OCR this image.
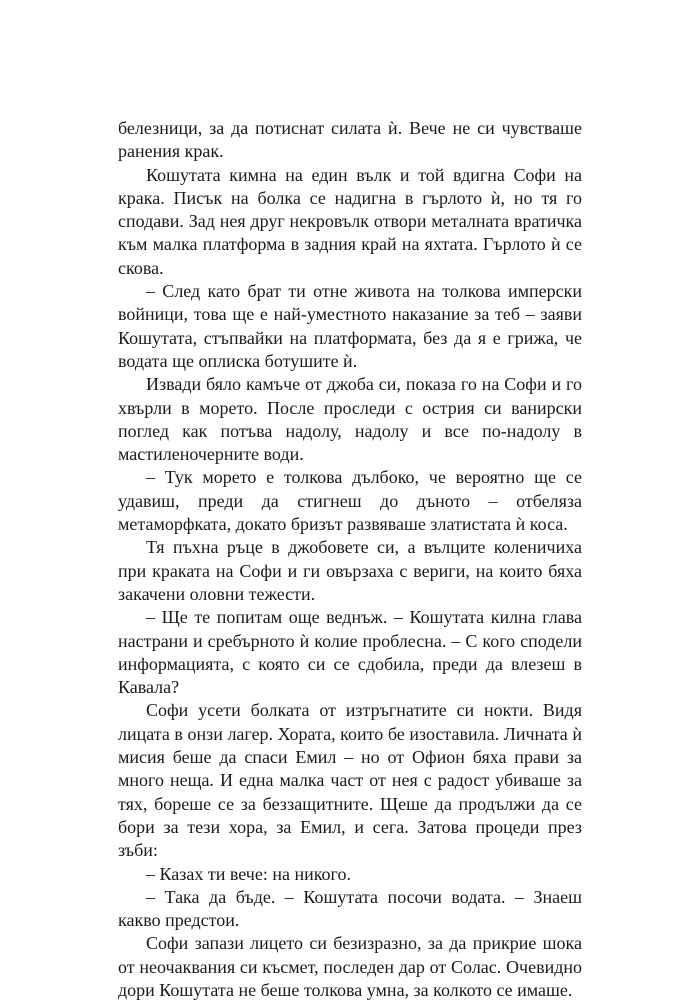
белезници, за да потиснат силата ѝ. Вече не си чувстваше ранения крак.

Кошутата кимна на един вълк и той вдигна Софи на крака. Писък на болка се надигна в гърлото ѝ, но тя го сподави. Зад нея друг некровълк отвори металната вратичка към малка платформа в задния край на яхтата. Гърлото ѝ се скова.

– След като брат ти отне живота на толкова имперски войници, това ще е най-уместното наказание за теб – заяви Кошутата, стъпвайки на платформата, без да я е грижа, че водата ще оплиска ботушите ѝ.

Извади бяло камъче от джоба си, показа го на Софи и го хвърли в морето. После проследи с острия си ванирски поглед как потъва надолу, надолу и все по-надолу в мастиленочерните води.

– Тук морето е толкова дълбоко, че вероятно ще се удавиш, преди да стигнеш до дъното – отбеляза метаморфката, докато бризът развяваше златистата ѝ коса.

Тя пъхна ръце в джобовете си, а вълците коленичиха при краката на Софи и ги овързаха с вериги, на които бяха закачени оловни тежести.

– Ще те попитам още веднъж. – Кошутата килна глава настрани и сребърното ѝ колие проблесна. – С кого сподели информацията, с която си се сдобила, преди да влезеш в Кавала?

Софи усети болката от изтръгнатите си нокти. Видя лицата в онзи лагер. Хората, които бе изоставила. Личната ѝ мисия беше да спаси Емил – но от Офион бяха прави за много неща. И една малка част от нея с радост убиваше за тях, бореше се за беззащитните. Щеше да продължи да се бори за тези хора, за Емил, и сега. Затова процеди през зъби:

– Казах ти вече: на никого.

– Така да бъде. – Кошутата посочи водата. – Знаеш какво предстои.

Софи запази лицето си безизразно, за да прикрие шока от неочаквания си късмет, последен дар от Солас. Очевидно дори Кошутата не беше толкова умна, за колкото се имаше.
